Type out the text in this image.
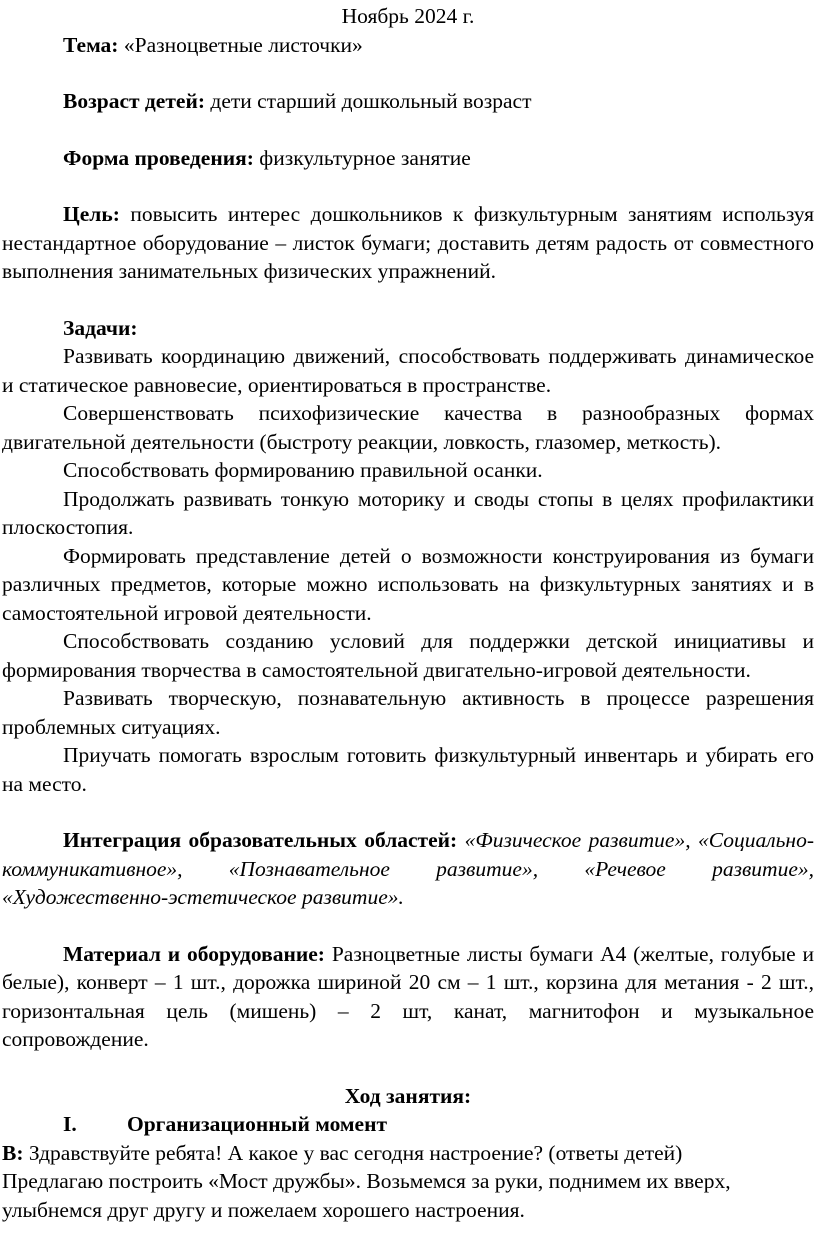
Ноябрь 2024 г.

Тема: «Разноцветные листочки»

Возраст детей: дети старший дошкольный возраст

Форма проведения: физкультурное занятие

Цель: повысить интерес дошкольников к физкультурным занятиям используя нестандартное оборудование – листок бумаги; доставить детям радость от совместного выполнения занимательных физических упражнений.

Задачи:

Развивать координацию движений, способствовать поддерживать динамическое и статическое равновесие, ориентироваться в пространстве.

Совершенствовать психофизические качества в разнообразных формах двигательной деятельности (быстроту реакции, ловкость, глазомер, меткость).

Способствовать формированию правильной осанки.

Продолжать развивать тонкую моторику и своды стопы в целях профилактики плоскостопия.

Формировать представление детей о возможности конструирования из бумаги различных предметов, которые можно использовать на физкультурных занятиях и в самостоятельной игровой деятельности.

Способствовать созданию условий для поддержки детской инициативы и формирования творчества в самостоятельной двигательно-игровой деятельности.

Развивать творческую, познавательную активность в процессе разрешения проблемных ситуациях.

Приучать помогать взрослым готовить физкультурный инвентарь и убирать его на место.

Интеграция образовательных областей: «Физическое развитие», «Социально-коммуникативное», «Познавательное развитие», «Речевое развитие», «Художественно-эстетическое развитие».

Материал и оборудование: Разноцветные листы бумаги А4 (желтые, голубые и белые), конверт – 1 шт., дорожка шириной 20 см – 1 шт., корзина для метания - 2 шт., горизонтальная цель (мишень) – 2 шт, канат, магнитофон и музыкальное сопровождение.

Ход занятия:

I.	Организационный момент

В: Здравствуйте ребята! А какое у вас сегодня настроение? (ответы детей)

Предлагаю построить «Мост дружбы». Возьмемся за руки, поднимем их вверх, улыбнемся друг другу и пожелаем хорошего настроения.
